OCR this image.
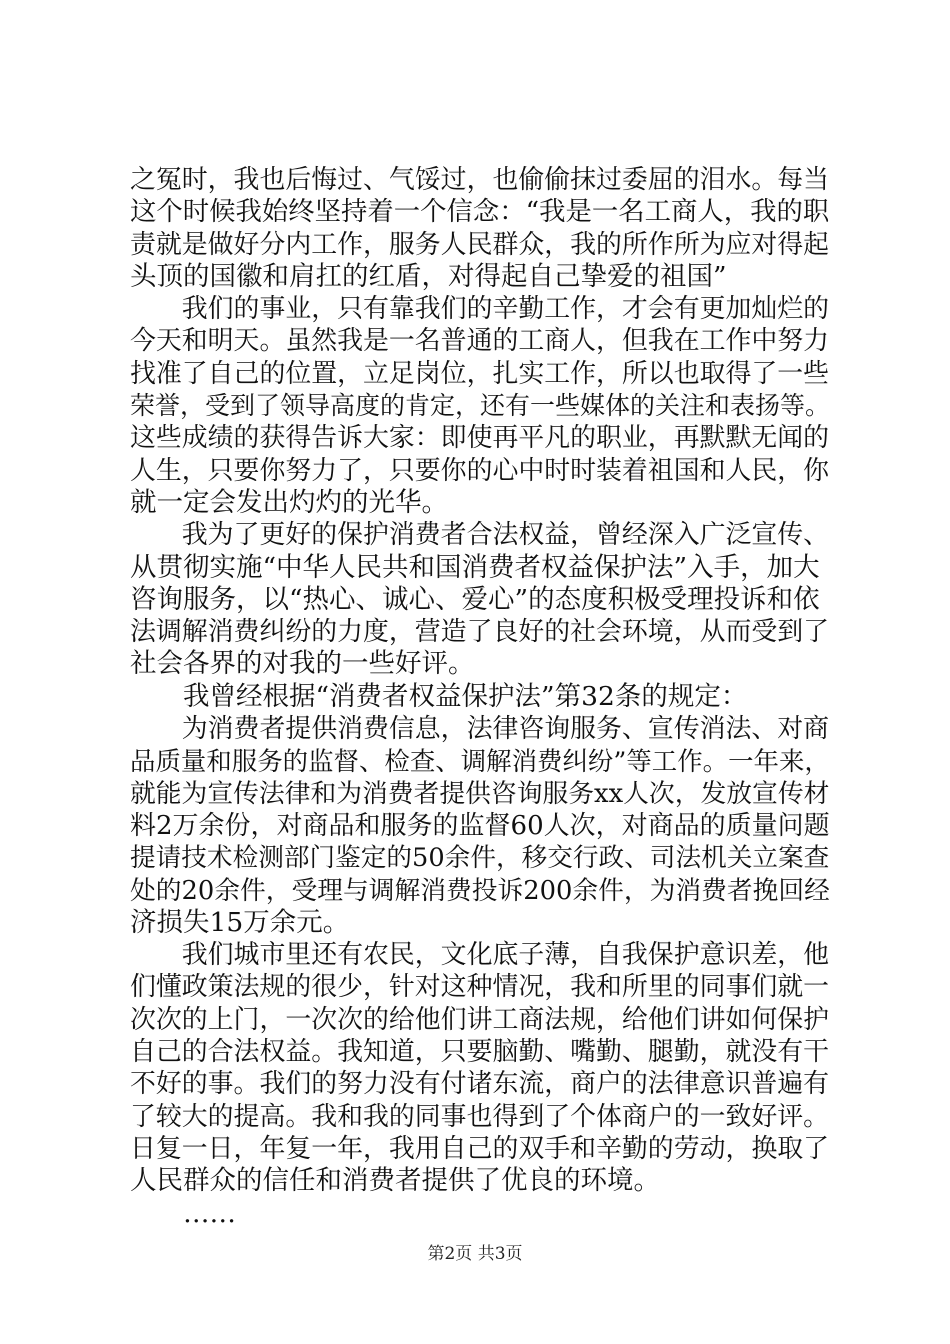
之冤时，我也后悔过、气馁过，也偷偷抹过委屈的泪水。每当
这个时候我始终坚持着一个信念：“我是一名工商人，我的职
责就是做好分内工作，服务人民群众，我的所作所为应对得起
头顶的国徽和肩扛的红盾，对得起自己挚爱的祖国”
　　我们的事业，只有靠我们的辛勤工作，才会有更加灿烂的
今天和明天。虽然我是一名普通的工商人，但我在工作中努力
找准了自己的位置，立足岗位，扎实工作，所以也取得了一些
荣誉，受到了领导高度的肯定，还有一些媒体的关注和表扬等。
这些成绩的获得告诉大家：即使再平凡的职业，再默默无闻的
人生，只要你努力了，只要你的心中时时装着祖国和人民，你
就一定会发出灼灼的光华。
　　我为了更好的保护消费者合法权益，曾经深入广泛宣传、
从贯彻实施“中华人民共和国消费者权益保护法”入手，加大
咨询服务，以“热心、诚心、爱心”的态度积极受理投诉和依
法调解消费纠纷的力度，营造了良好的社会环境，从而受到了
社会各界的对我的一些好评。
　　我曾经根据“消费者权益保护法”第32条的规定：
　　为消费者提供消费信息，法律咨询服务、宣传消法、对商
品质量和服务的监督、检查、调解消费纠纷”等工作。一年来，
就能为宣传法律和为消费者提供咨询服务xx人次，发放宣传材
料2万余份，对商品和服务的监督60人次，对商品的质量问题
提请技术检测部门鉴定的50余件，移交行政、司法机关立案查
处的20余件，受理与调解消费投诉200余件，为消费者挽回经
济损失15万余元。
　　我们城市里还有农民，文化底子薄，自我保护意识差，他
们懂政策法规的很少，针对这种情况，我和所里的同事们就一
次次的上门，一次次的给他们讲工商法规，给他们讲如何保护
自己的合法权益。我知道，只要脑勤、嘴勤、腿勤，就没有干
不好的事。我们的努力没有付诸东流，商户的法律意识普遍有
了较大的提高。我和我的同事也得到了个体商户的一致好评。
日复一日，年复一年，我用自己的双手和辛勤的劳动，换取了
人民群众的信任和消费者提供了优良的环境。
　　……
第2页 共3页
